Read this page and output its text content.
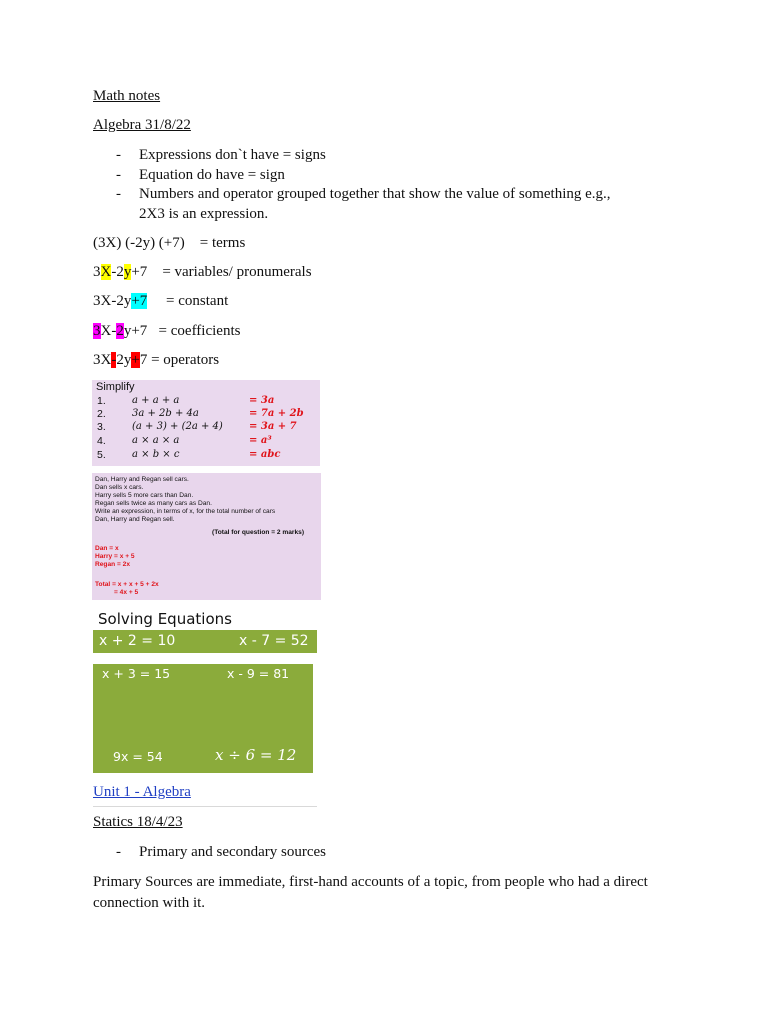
Math notes
Algebra 31/8/22
- Expressions don`t have = signs
- Equation do have = sign
- Numbers and operator grouped together that show the value of something e.g.,
2X3 is an expression.
(3X) (-2y) (+7) = terms
3X-2y+7 = variables/ pronumerals
3X-2y+7 = constant
3X-2y+7 = coefficients
3X-2y+7 = operators
Simplify
1.	a + a + a	= 3a
2.	3a + 2b + 4a	= 7a + 2b
3.	(a + 3) + (2a + 4)	= 3a + 7
4.	a × a × a	= a³
5.	a × b × c	= abc
Dan, Harry and Regan sell cars.
Dan sells x cars.
Harry sells 5 more cars than Dan.
Regan sells twice as many cars as Dan.
Write an expression, in terms of x, for the total number of cars
Dan, Harry and Regan sell.
(Total for question = 2 marks)
Dan = x
Harry = x + 5
Regan = 2x
Total = x + x + 5 + 2x
= 4x + 5
Solving Equations
x + 2 = 10	x - 7 = 52
x + 3 = 15	x - 9 = 81
9x = 54	x ÷ 6 = 12
Unit 1 - Algebra
Statics 18/4/23
- Primary and secondary sources
Primary Sources are immediate, first-hand accounts of a topic, from people who had a direct connection with it.
